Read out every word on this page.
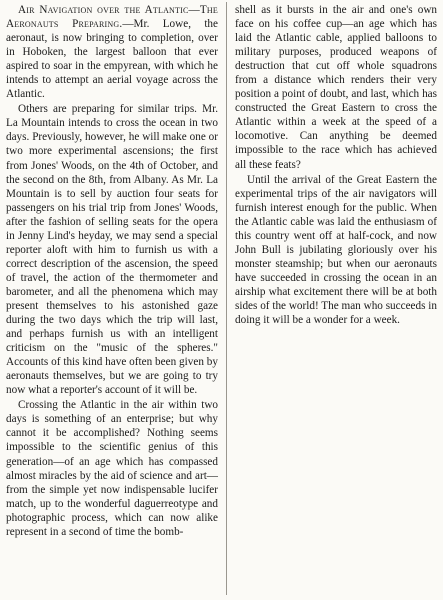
Air Navigation over the Atlantic—The Aeronauts Preparing.—Mr. Lowe, the aeronaut, is now bringing to completion, over in Hoboken, the largest balloon that ever aspired to soar in the empyrean, with which he intends to attempt an aerial voyage across the Atlantic.

Others are preparing for similar trips. Mr. La Mountain intends to cross the ocean in two days. Previously, however, he will make one or two more experimental ascensions; the first from Jones' Woods, on the 4th of October, and the second on the 8th, from Albany. As Mr. La Mountain is to sell by auction four seats for passengers on his trial trip from Jones' Woods, after the fashion of selling seats for the opera in Jenny Lind's heyday, we may send a special reporter aloft with him to furnish us with a correct description of the ascension, the speed of travel, the action of the thermometer and barometer, and all the phenomena which may present themselves to his astonished gaze during the two days which the trip will last, and perhaps furnish us with an intelligent criticism on the "music of the spheres." Accounts of this kind have often been given by aeronauts themselves, but we are going to try now what a reporter's account of it will be.

Crossing the Atlantic in the air within two days is something of an enterprise; but why cannot it be accomplished? Nothing seems impossible to the scientific genius of this generation—of an age which has compassed almost miracles by the aid of science and art—from the simple yet now indispensable lucifer match, up to the wonderful daguerreotype and photographic process, which can now alike represent in a second of time the bomb-

shell as it bursts in the air and one's own face on his coffee cup—an age which has laid the Atlantic cable, applied balloons to military purposes, produced weapons of destruction that cut off whole squadrons from a distance which renders their very position a point of doubt, and last, which has constructed the Great Eastern to cross the Atlantic within a week at the speed of a locomotive. Can anything be deemed impossible to the race which has achieved all these feats?

Until the arrival of the Great Eastern the experimental trips of the air navigators will furnish interest enough for the public. When the Atlantic cable was laid the enthusiasm of this country went off at half-cock, and now John Bull is jubilating gloriously over his monster steamship; but when our aeronauts have succeeded in crossing the ocean in an airship what excitement there will be at both sides of the world! The man who succeeds in doing it will be a wonder for a week.
